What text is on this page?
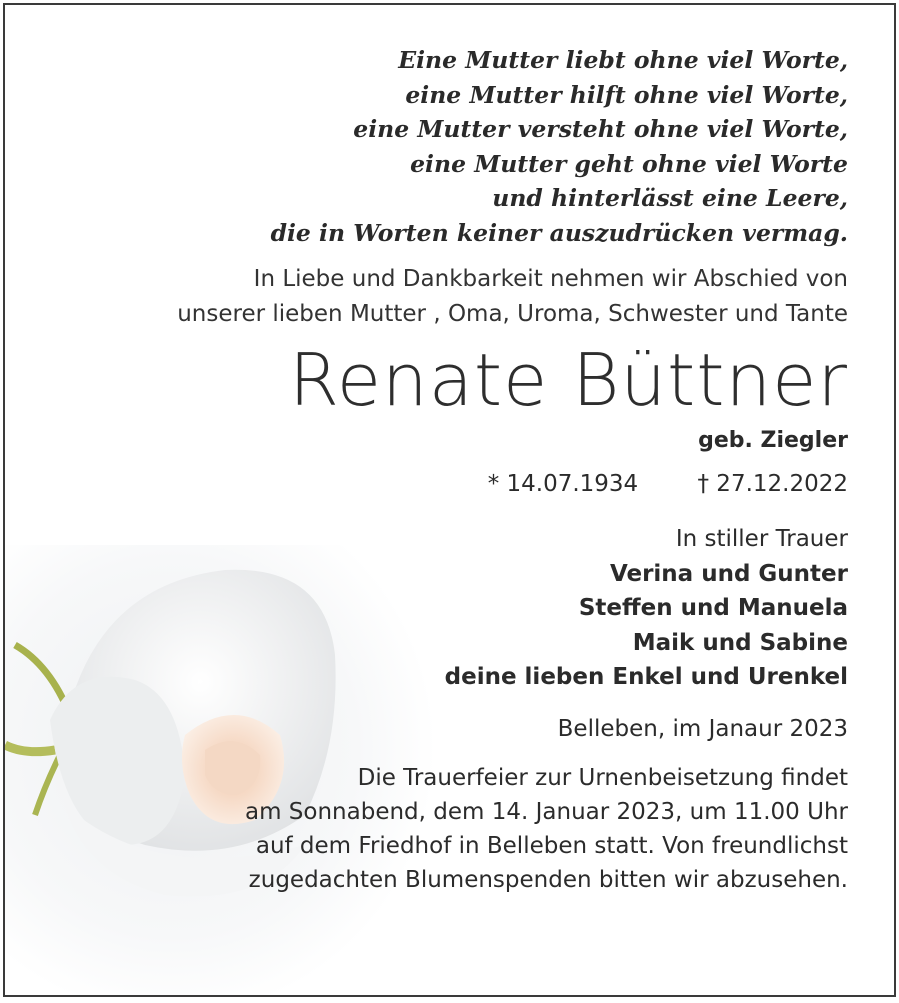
Eine Mutter liebt ohne viel Worte,
eine Mutter hilft ohne viel Worte,
eine Mutter versteht ohne viel Worte,
eine Mutter geht ohne viel Worte
und hinterlässt eine Leere,
die in Worten keiner auszudrücken vermag.
In Liebe und Dankbarkeit nehmen wir Abschied von
unserer lieben Mutter , Oma, Uroma, Schwester und Tante
Renate Büttner
geb. Ziegler
* 14.07.1934	† 27.12.2022
In stiller Trauer
Verina und Gunter
Steffen und Manuela
Maik und Sabine
deine lieben Enkel und Urenkel
Belleben, im Janaur 2023
Die Trauerfeier zur Urnenbeisetzung findet
am Sonnabend, dem 14. Januar 2023, um 11.00 Uhr
auf dem Friedhof in Belleben statt. Von freundlichst
zugedachten Blumenspenden bitten wir abzusehen.
